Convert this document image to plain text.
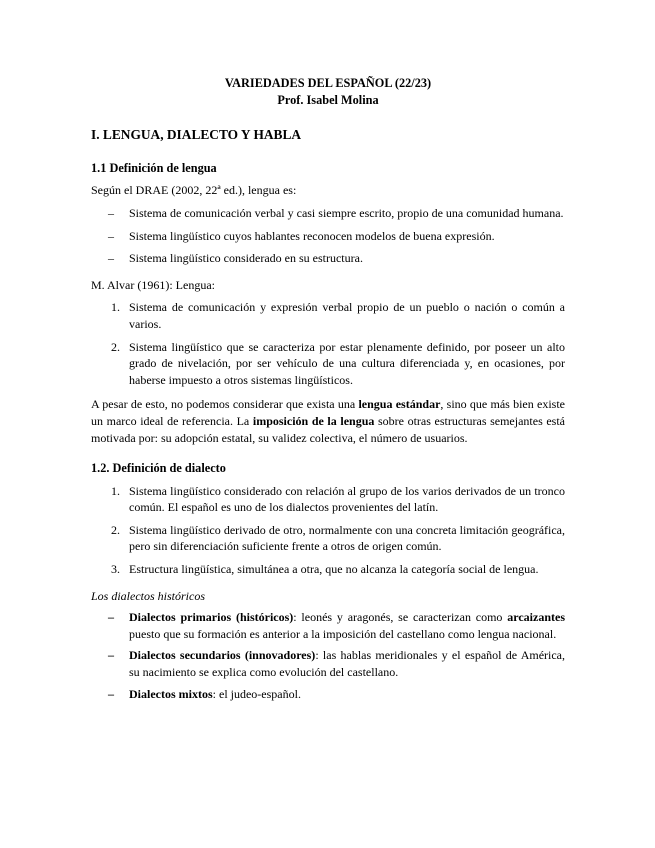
VARIEDADES DEL ESPAÑOL (22/23)
Prof. Isabel Molina
I. LENGUA, DIALECTO Y HABLA
1.1 Definición de lengua

Según el DRAE (2002, 22ª ed.), lengua es:

– Sistema de comunicación verbal y casi siempre escrito, propio de una comunidad humana.
– Sistema lingüístico cuyos hablantes reconocen modelos de buena expresión.
– Sistema lingüístico considerado en su estructura.

M. Alvar (1961): Lengua:

1. Sistema de comunicación y expresión verbal propio de un pueblo o nación o común a varios.
2. Sistema lingüístico que se caracteriza por estar plenamente definido, por poseer un alto grado de nivelación, por ser vehículo de una cultura diferenciada y, en ocasiones, por haberse impuesto a otros sistemas lingüísticos.

A pesar de esto, no podemos considerar que exista una lengua estándar, sino que más bien existe un marco ideal de referencia. La imposición de la lengua sobre otras estructuras semejantes está motivada por: su adopción estatal, su validez colectiva, el número de usuarios.

1.2. Definición de dialecto
1. Sistema lingüístico considerado con relación al grupo de los varios derivados de un tronco común. El español es uno de los dialectos provenientes del latín.
2. Sistema lingüístico derivado de otro, normalmente con una concreta limitación geográfica, pero sin diferenciación suficiente frente a otros de origen común.
3. Estructura lingüística, simultánea a otra, que no alcanza la categoría social de lengua.
Los dialectos históricos
– Dialectos primarios (históricos): leonés y aragonés, se caracterizan como arcaizantes puesto que su formación es anterior a la imposición del castellano como lengua nacional.
– Dialectos secundarios (innovadores): las hablas meridionales y el español de América, su nacimiento se explica como evolución del castellano.
– Dialectos mixtos: el judeo-español.
